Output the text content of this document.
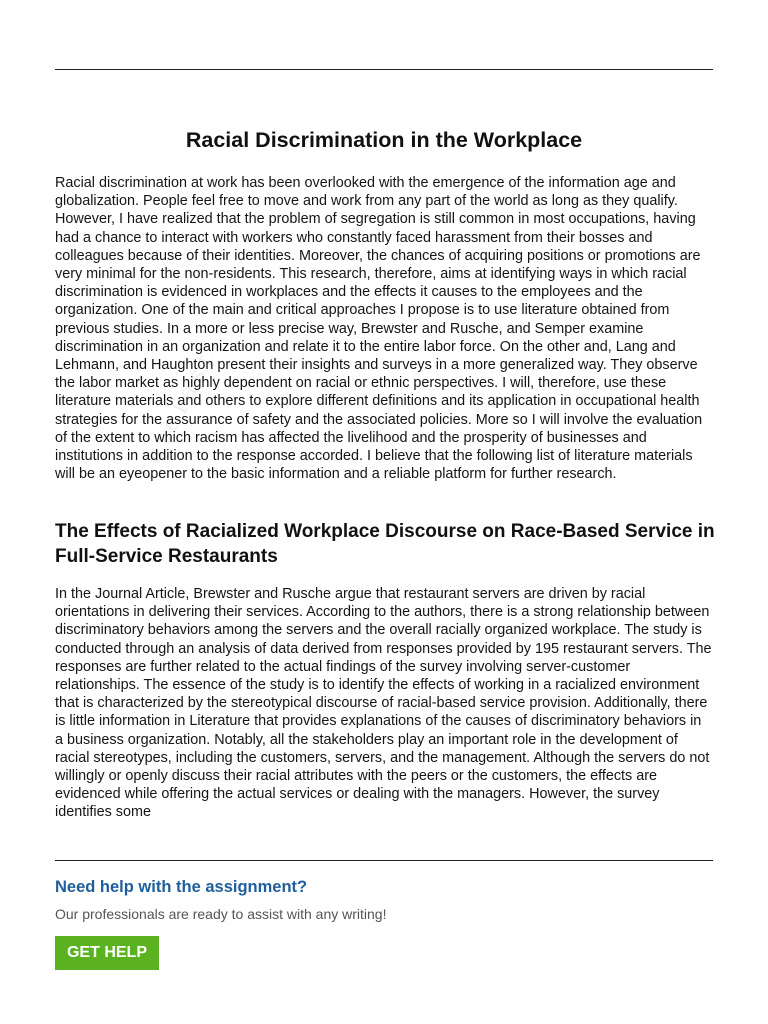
Racial Discrimination in the Workplace

Racial discrimination at work has been overlooked with the emergence of the information age and globalization. People feel free to move and work from any part of the world as long as they qualify. However, I have realized that the problem of segregation is still common in most occupations, having had a chance to interact with workers who constantly faced harassment from their bosses and colleagues because of their identities. Moreover, the chances of acquiring positions or promotions are very minimal for the non-residents. This research, therefore, aims at identifying ways in which racial discrimination is evidenced in workplaces and the effects it causes to the employees and the organization. One of the main and critical approaches I propose is to use literature obtained from previous studies. In a more or less precise way, Brewster and Rusche, and Semper examine discrimination in an organization and relate it to the entire labor force. On the other and, Lang and Lehmann, and Haughton present their insights and surveys in a more generalized way. They observe the labor market as highly dependent on racial or ethnic perspectives. I will, therefore, use these literature materials and others to explore different definitions and its application in occupational health strategies for the assurance of safety and the associated policies. More so I will involve the evaluation of the extent to which racism has affected the livelihood and the prosperity of businesses and institutions in addition to the response accorded. I believe that the following list of literature materials will be an eyeopener to the basic information and a reliable platform for further research.

ratefast
The Effects of Racialized Workplace Discourse on Race-Based Service in Full-Service Restaurants

In the Journal Article, Brewster and Rusche argue that restaurant servers are driven by racial orientations in delivering their services. According to the authors, there is a strong relationship between discriminatory behaviors among the servers and the overall racially organized workplace. The study is conducted through an analysis of data derived from responses provided by 195 restaurant servers. The responses are further related to the actual findings of the survey involving server-customer relationships. The essence of the study is to identify the effects of working in a racialized environment that is characterized by the stereotypical discourse of racial-based service provision. Additionally, there is little information in Literature that provides explanations of the causes of discriminatory behaviors in a business organization. Notably, all the stakeholders play an important role in the development of racial stereotypes, including the customers, servers, and the management. Although the servers do not willingly or openly discuss their racial attributes with the peers or the customers, the effects are evidenced while offering the actual services or dealing with the managers. However, the survey identifies some

Need help with the assignment?

Our professionals are ready to assist with any writing!

GET HELP
